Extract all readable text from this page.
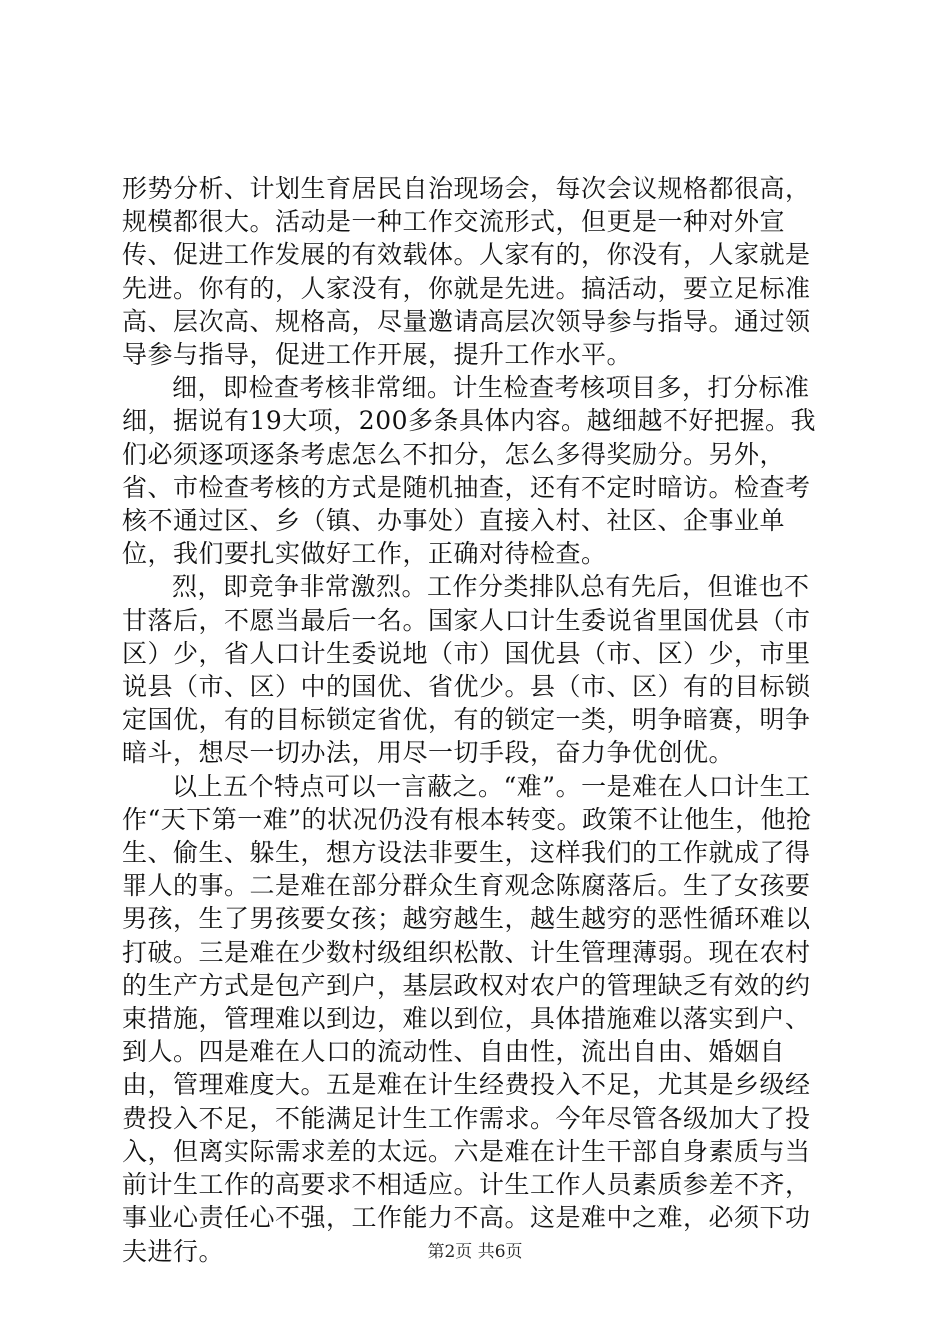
形势分析、计划生育居民自治现场会，每次会议规格都很高，规模都很大。活动是一种工作交流形式，但更是一种对外宣传、促进工作发展的有效载体。人家有的，你没有，人家就是先进。你有的，人家没有，你就是先进。搞活动，要立足标准高、层次高、规格高，尽量邀请高层次领导参与指导。通过领导参与指导，促进工作开展，提升工作水平。

细，即检查考核非常细。计生检查考核项目多，打分标准细，据说有19大项，200多条具体内容。越细越不好把握。我们必须逐项逐条考虑怎么不扣分，怎么多得奖励分。另外，省、市检查考核的方式是随机抽查，还有不定时暗访。检查考核不通过区、乡（镇、办事处）直接入村、社区、企事业单位，我们要扎实做好工作，正确对待检查。

烈，即竞争非常激烈。工作分类排队总有先后，但谁也不甘落后，不愿当最后一名。国家人口计生委说省里国优县（市区）少，省人口计生委说地（市）国优县（市、区）少，市里说县（市、区）中的国优、省优少。县（市、区）有的目标锁定国优，有的目标锁定省优，有的锁定一类，明争暗赛，明争暗斗，想尽一切办法，用尽一切手段，奋力争优创优。

以上五个特点可以一言蔽之。“难”。一是难在人口计生工作“天下第一难”的状况仍没有根本转变。政策不让他生，他抢生、偷生、躲生，想方设法非要生，这样我们的工作就成了得罪人的事。二是难在部分群众生育观念陈腐落后。生了女孩要男孩，生了男孩要女孩；越穷越生，越生越穷的恶性循环难以打破。三是难在少数村级组织松散、计生管理薄弱。现在农村的生产方式是包产到户，基层政权对农户的管理缺乏有效的约束措施，管理难以到边，难以到位，具体措施难以落实到户、到人。四是难在人口的流动性、自由性，流出自由、婚姻自由，管理难度大。五是难在计生经费投入不足，尤其是乡级经费投入不足，不能满足计生工作需求。今年尽管各级加大了投入，但离实际需求差的太远。六是难在计生干部自身素质与当前计生工作的高要求不相适应。计生工作人员素质参差不齐，事业心责任心不强，工作能力不高。这是难中之难，必须下功夫进行。	第2页 共6页
